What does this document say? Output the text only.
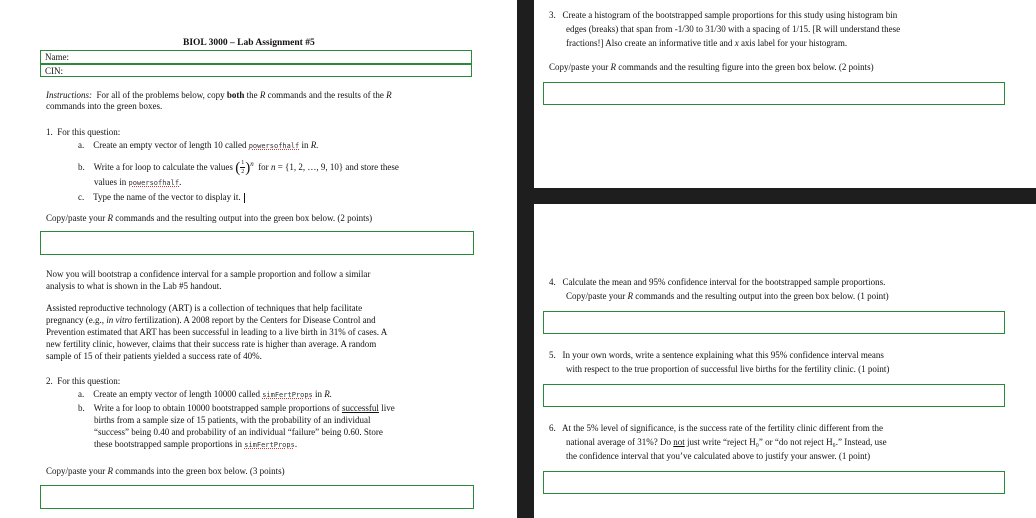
BIOL 3000 – Lab Assignment #5
Name:
CIN:
Instructions: For all of the problems below, copy both the R commands and the results of the R
commands into the green boxes.
1. For this question:
a. Create an empty vector of length 10 called powersofhalf in R.
b. Write a for loop to calculate the values ( $\frac{1}{2} )^n$ for n = {1, 2, …, 9, 10} and store these
values in powersofhalf.
c. Type the name of the vector to display it.
Copy/paste your R commands and the resulting output into the green box below. (2 points)
Now you will bootstrap a confidence interval for a sample proportion and follow a similar
analysis to what is shown in the Lab #5 handout.
Assisted reproductive technology (ART) is a collection of techniques that help facilitate
pregnancy (e.g., in vitro fertilization). A 2008 report by the Centers for Disease Control and
Prevention estimated that ART has been successful in leading to a live birth in 31% of cases. A
new fertility clinic, however, claims that their success rate is higher than average. A random
sample of 15 of their patients yielded a success rate of 40%.
2. For this question:
a. Create an empty vector of length 10000 called simFertProps in R.
b. Write a for loop to obtain 10000 bootstrapped sample proportions of successful live
births from a sample size of 15 patients, with the probability of an individual
“success” being 0.40 and probability of an individual “failure” being 0.60. Store
these bootstrapped sample proportions in simFertProps.
Copy/paste your R commands into the green box below. (3 points)
3. Create a histogram of the bootstrapped sample proportions for this study using histogram bin
edges (breaks) that span from -1/30 to 31/30 with a spacing of 1/15. [R will understand these
fractions!] Also create an informative title and x axis label for your histogram.
Copy/paste your R commands and the resulting figure into the green box below. (2 points)
4. Calculate the mean and 95% confidence interval for the bootstrapped sample proportions.
Copy/paste your R commands and the resulting output into the green box below. (1 point)
5. In your own words, write a sentence explaining what this 95% confidence interval means
with respect to the true proportion of successful live births for the fertility clinic. (1 point)
6. At the 5% level of significance, is the success rate of the fertility clinic different from the
national average of 31%? Do not just write “reject H₀” or “do not reject H₀.” Instead, use
the confidence interval that you’ve calculated above to justify your answer. (1 point)
